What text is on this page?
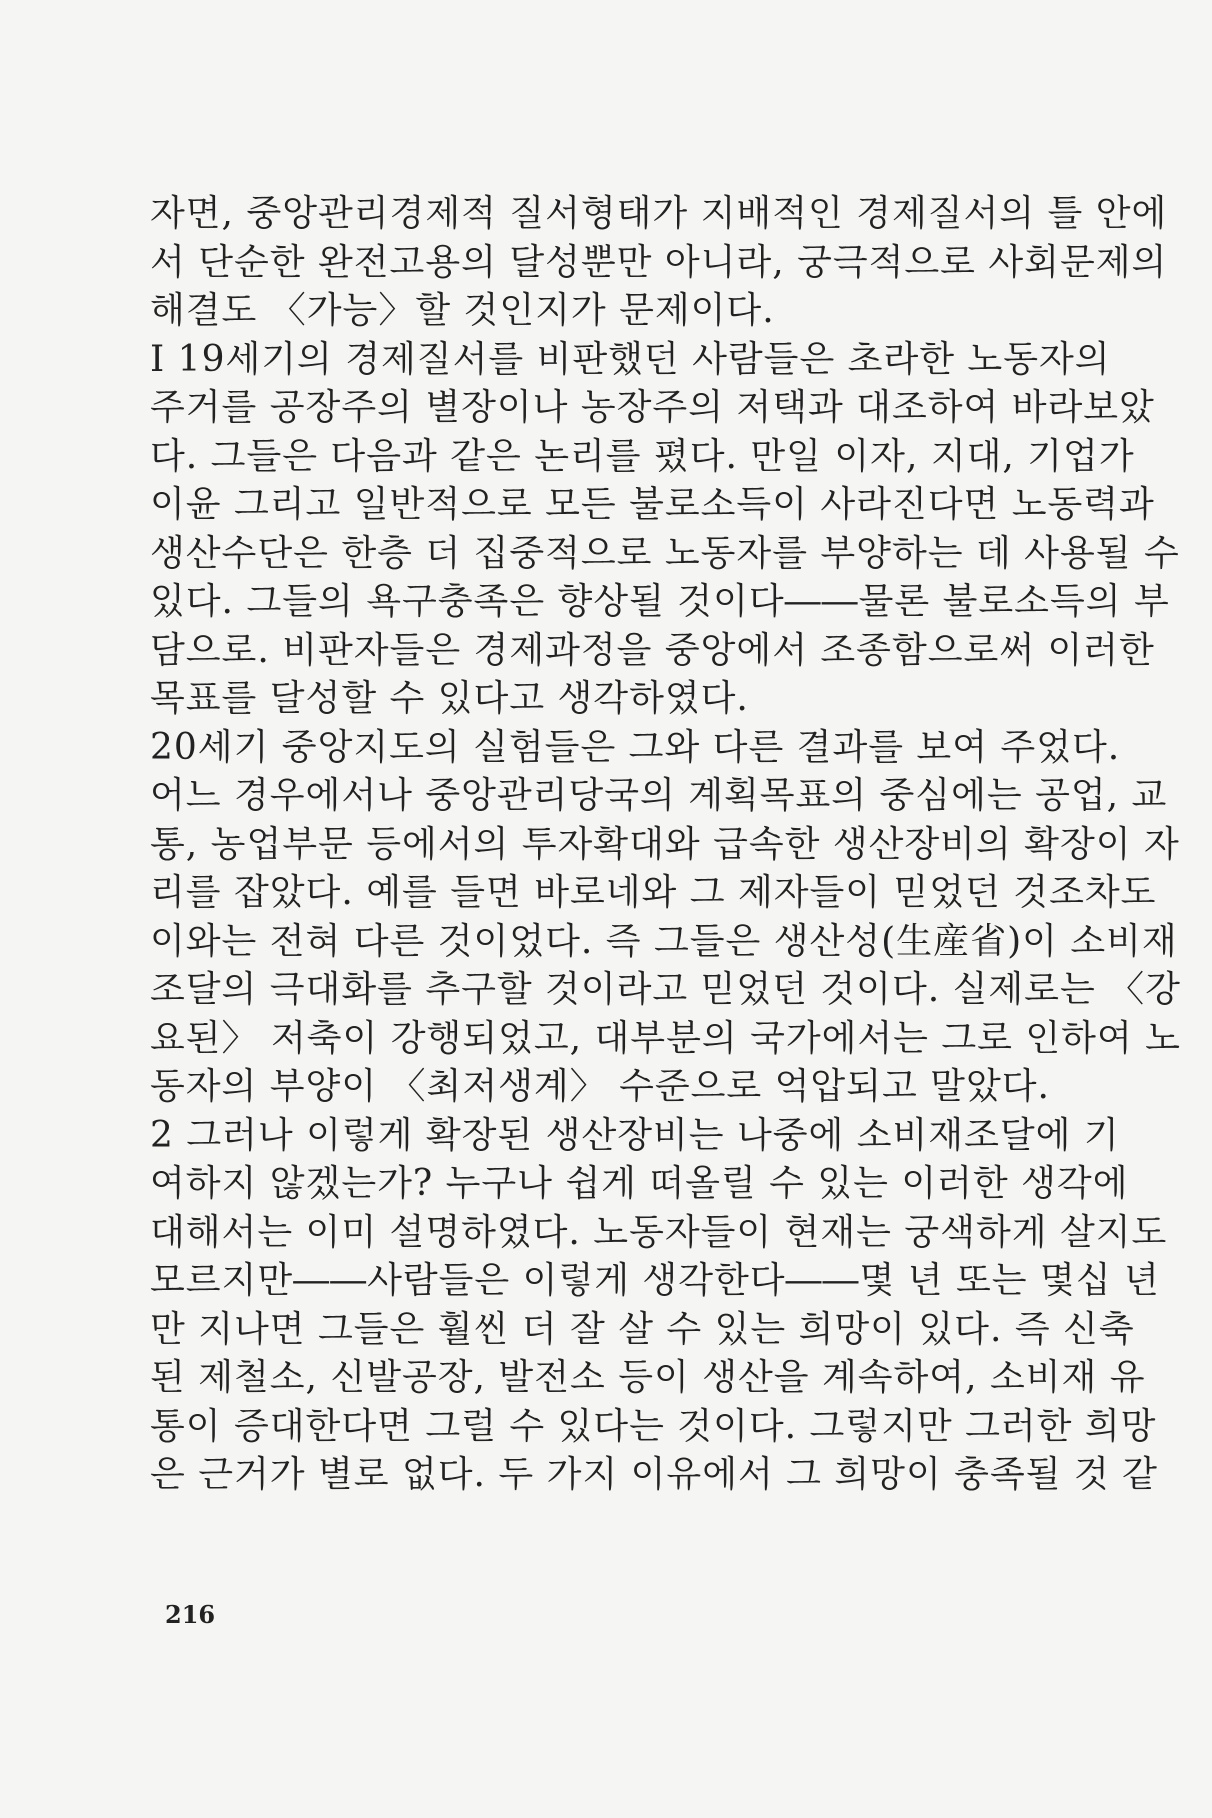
자면, 중앙관리경제적 질서형태가 지배적인 경제질서의 틀 안에
서 단순한 완전고용의 달성뿐만 아니라, 궁극적으로 사회문제의
해결도 〈가능〉할 것인지가 문제이다.
I 19세기의 경제질서를 비판했던 사람들은 초라한 노동자의
주거를 공장주의 별장이나 농장주의 저택과 대조하여 바라보았
다. 그들은 다음과 같은 논리를 폈다. 만일 이자, 지대, 기업가
이윤 그리고 일반적으로 모든 불로소득이 사라진다면 노동력과
생산수단은 한층 더 집중적으로 노동자를 부양하는 데 사용될 수
있다. 그들의 욕구충족은 향상될 것이다――물론 불로소득의 부
담으로. 비판자들은 경제과정을 중앙에서 조종함으로써 이러한
목표를 달성할 수 있다고 생각하였다.
20세기 중앙지도의 실험들은 그와 다른 결과를 보여 주었다.
어느 경우에서나 중앙관리당국의 계획목표의 중심에는 공업, 교
통, 농업부문 등에서의 투자확대와 급속한 생산장비의 확장이 자
리를 잡았다. 예를 들면 바로네와 그 제자들이 믿었던 것조차도
이와는 전혀 다른 것이었다. 즉 그들은 생산성(生産省)이 소비재
조달의 극대화를 추구할 것이라고 믿었던 것이다. 실제로는 〈강
요된〉 저축이 강행되었고, 대부분의 국가에서는 그로 인하여 노
동자의 부양이 〈최저생계〉 수준으로 억압되고 말았다.
2 그러나 이렇게 확장된 생산장비는 나중에 소비재조달에 기
여하지 않겠는가? 누구나 쉽게 떠올릴 수 있는 이러한 생각에
대해서는 이미 설명하였다. 노동자들이 현재는 궁색하게 살지도
모르지만――사람들은 이렇게 생각한다――몇 년 또는 몇십 년
만 지나면 그들은 훨씬 더 잘 살 수 있는 희망이 있다. 즉 신축
된 제철소, 신발공장, 발전소 등이 생산을 계속하여, 소비재 유
통이 증대한다면 그럴 수 있다는 것이다. 그렇지만 그러한 희망
은 근거가 별로 없다. 두 가지 이유에서 그 희망이 충족될 것 같
216
